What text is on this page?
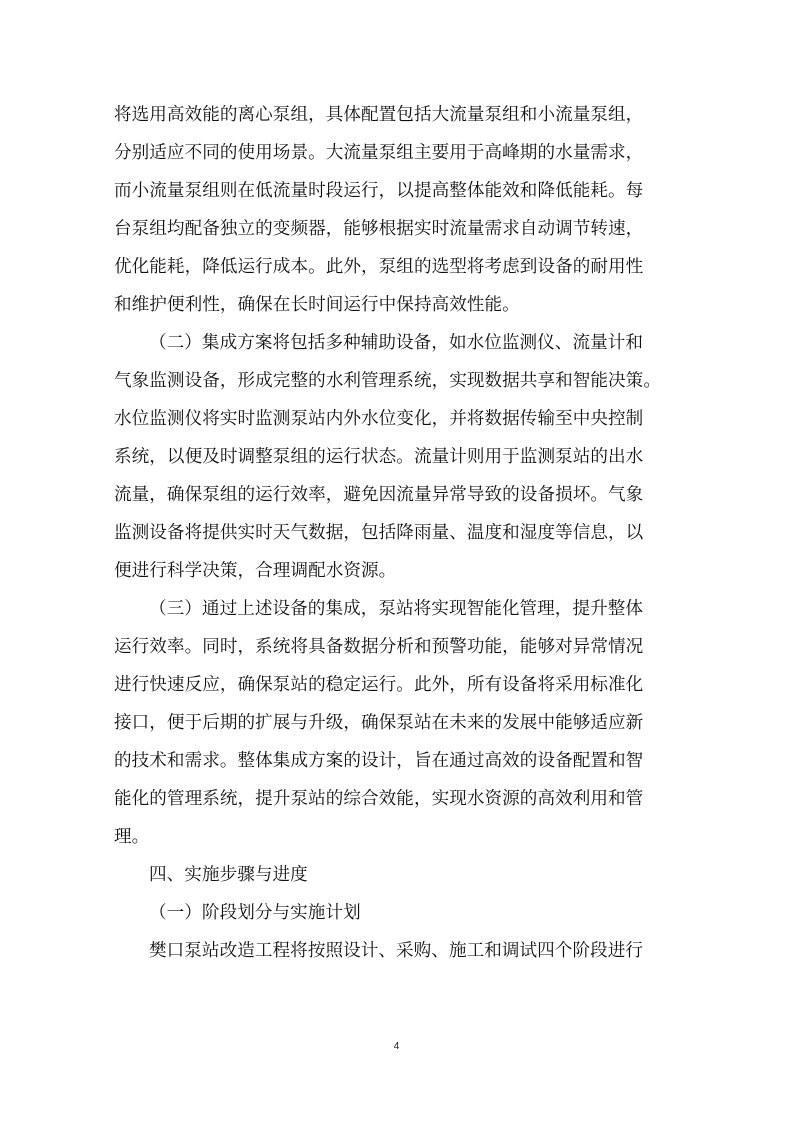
将选用高效能的离心泵组，具体配置包括大流量泵组和小流量泵组，
分别适应不同的使用场景。大流量泵组主要用于高峰期的水量需求，
而小流量泵组则在低流量时段运行，以提高整体能效和降低能耗。每
台泵组均配备独立的变频器，能够根据实时流量需求自动调节转速，
优化能耗，降低运行成本。此外，泵组的选型将考虑到设备的耐用性
和维护便利性，确保在长时间运行中保持高效性能。
（二）集成方案将包括多种辅助设备，如水位监测仪、流量计和
气象监测设备，形成完整的水利管理系统，实现数据共享和智能决策。
水位监测仪将实时监测泵站内外水位变化，并将数据传输至中央控制
系统，以便及时调整泵组的运行状态。流量计则用于监测泵站的出水
流量，确保泵组的运行效率，避免因流量异常导致的设备损坏。气象
监测设备将提供实时天气数据，包括降雨量、温度和湿度等信息，以
便进行科学决策，合理调配水资源。
（三）通过上述设备的集成，泵站将实现智能化管理，提升整体
运行效率。同时，系统将具备数据分析和预警功能，能够对异常情况
进行快速反应，确保泵站的稳定运行。此外，所有设备将采用标准化
接口，便于后期的扩展与升级，确保泵站在未来的发展中能够适应新
的技术和需求。整体集成方案的设计，旨在通过高效的设备配置和智
能化的管理系统，提升泵站的综合效能，实现水资源的高效利用和管
理。
四、实施步骤与进度
（一）阶段划分与实施计划
樊口泵站改造工程将按照设计、采购、施工和调试四个阶段进行
4
